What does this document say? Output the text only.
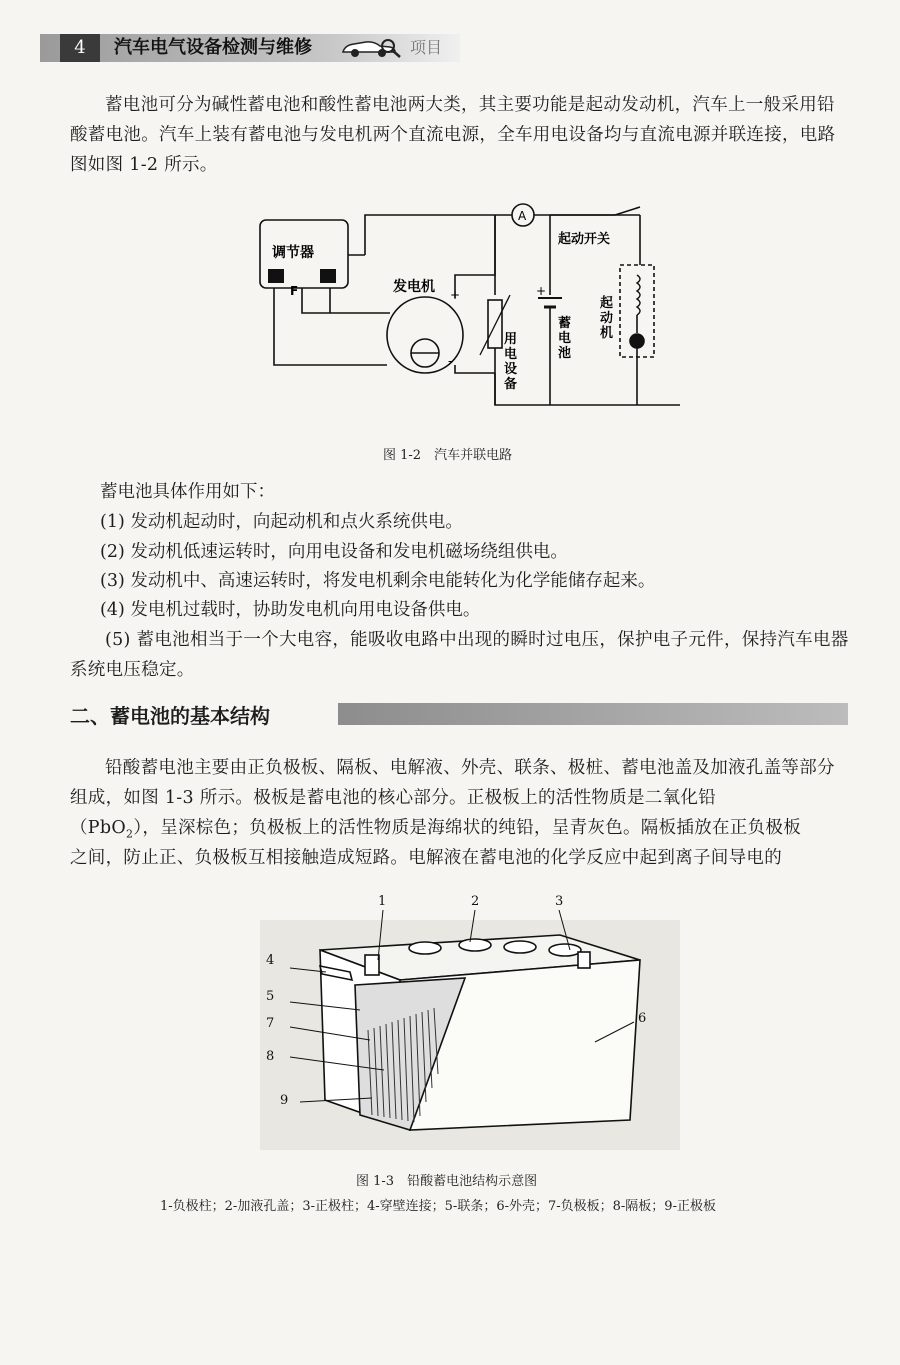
4	汽车电气设备检测与维修	项目
蓄电池可分为碱性蓄电池和酸性蓄电池两大类，其主要功能是起动发动机，汽车上一般采用铅酸蓄电池。汽车上装有蓄电池与发电机两个直流电源，全车用电设备均与直流电源并联连接，电路图如图 1-2 所示。

调节器
F	发电机
A
起动开关
+	+
-
用
电
设
备
蓄
电
池
起
动
机
图 1-2　汽车并联电路
蓄电池具体作用如下：
(1) 发动机起动时，向起动机和点火系统供电。
(2) 发动机低速运转时，向用电设备和发电机磁场绕组供电。
(3) 发动机中、高速运转时，将发电机剩余电能转化为化学能储存起来。
(4) 发电机过载时，协助发电机向用电设备供电。
(5) 蓄电池相当于一个大电容，能吸收电路中出现的瞬时过电压，保护电子元件，保持汽车电器系统电压稳定。
二、蓄电池的基本结构
铅酸蓄电池主要由正负极板、隔板、电解液、外壳、联条、极桩、蓄电池盖及加液孔盖等部分组成，如图 1-3 所示。极板是蓄电池的核心部分。正极板上的活性物质是二氧化铅
（PbO$_2$），呈深棕色；负极板上的活性物质是海绵状的纯铅，呈青灰色。隔板插放在正负极板
之间，防止正、负极板互相接触造成短路。电解液在蓄电池的化学反应中起到离子间导电的
1	2	3
4
5
6
7
8
9
图 1-3　铅酸蓄电池结构示意图
1-负极柱；2-加液孔盖；3-正极柱；4-穿壁连接；5-联条；6-外壳；7-负极板；8-隔板；9-正极板
